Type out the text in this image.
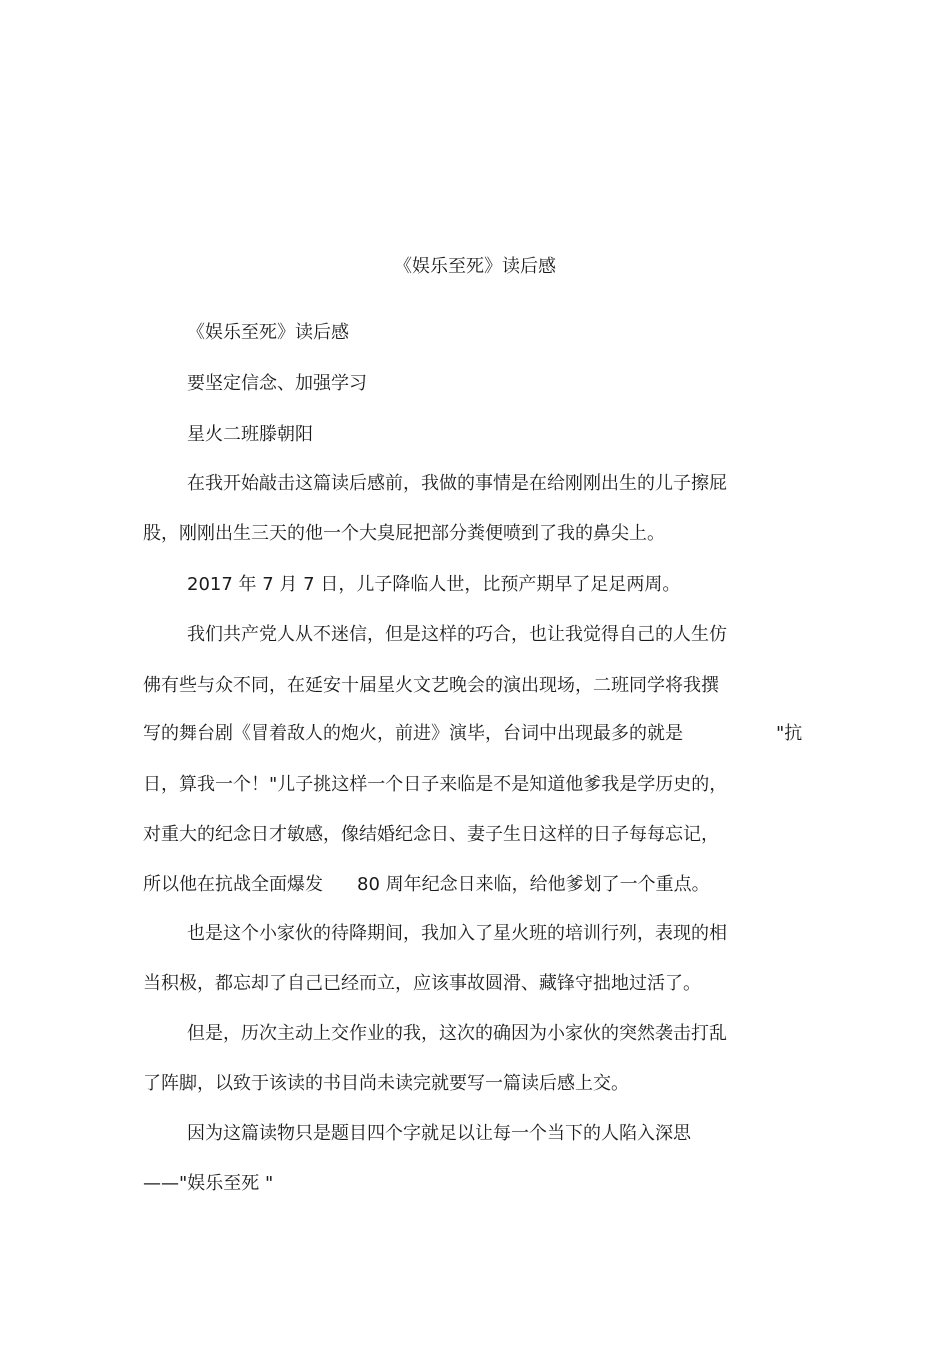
《娱乐至死》读后感
《娱乐至死》读后感
要坚定信念、加强学习
星火二班滕朝阳
在我开始敲击这篇读后感前，我做的事情是在给刚刚出生的儿子擦屁
股，刚刚出生三天的他一个大臭屁把部分粪便喷到了我的鼻尖上。
2017 年 7 月 7 日，儿子降临人世，比预产期早了足足两周。
我们共产党人从不迷信，但是这样的巧合，也让我觉得自己的人生仿
佛有些与众不同，在延安十届星火文艺晚会的演出现场，二班同学将我撰
写的舞台剧《冒着敌人的炮火，前进》演毕，台词中出现最多的就是	"抗
日，算我一个！"儿子挑这样一个日子来临是不是知道他爹我是学历史的，
对重大的纪念日才敏感，像结婚纪念日、妻子生日这样的日子每每忘记，
所以他在抗战全面爆发 80 周年纪念日来临，给他爹划了一个重点。
也是这个小家伙的待降期间，我加入了星火班的培训行列，表现的相
当积极，都忘却了自己已经而立，应该事故圆滑、藏锋守拙地过活了。
但是，历次主动上交作业的我，这次的确因为小家伙的突然袭击打乱
了阵脚，以致于该读的书目尚未读完就要写一篇读后感上交。
因为这篇读物只是题目四个字就足以让每一个当下的人陷入深思
——"娱乐至死 "
